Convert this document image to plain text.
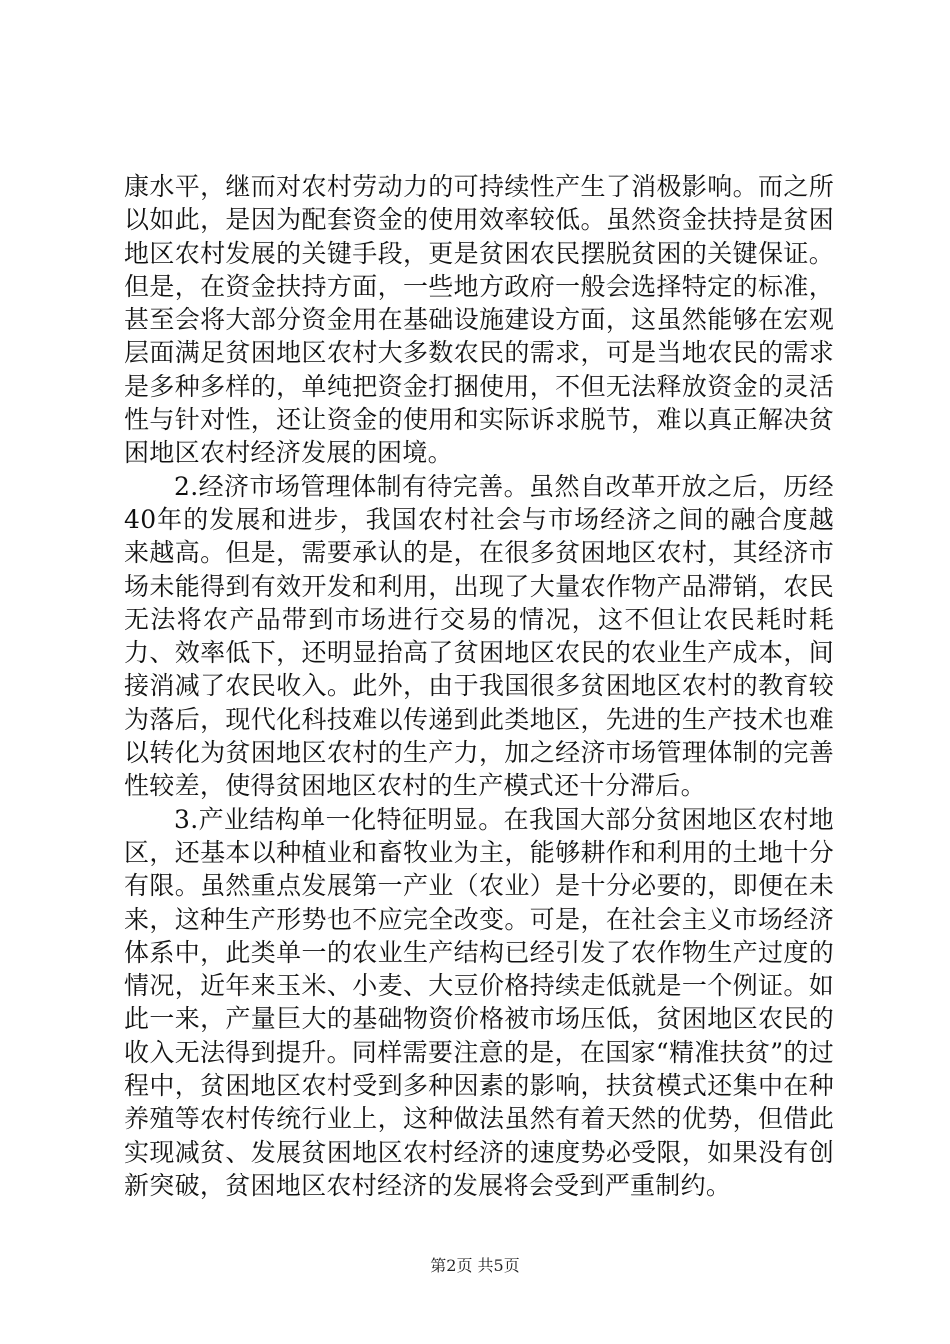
康水平，继而对农村劳动力的可持续性产生了消极影响。而之所以如此，是因为配套资金的使用效率较低。虽然资金扶持是贫困地区农村发展的关键手段，更是贫困农民摆脱贫困的关键保证。但是，在资金扶持方面，一些地方政府一般会选择特定的标准，甚至会将大部分资金用在基础设施建设方面，这虽然能够在宏观层面满足贫困地区农村大多数农民的需求，可是当地农民的需求是多种多样的，单纯把资金打捆使用，不但无法释放资金的灵活性与针对性，还让资金的使用和实际诉求脱节，难以真正解决贫困地区农村经济发展的困境。

2.经济市场管理体制有待完善。虽然自改革开放之后，历经40年的发展和进步，我国农村社会与市场经济之间的融合度越来越高。但是，需要承认的是，在很多贫困地区农村，其经济市场未能得到有效开发和利用，出现了大量农作物产品滞销，农民无法将农产品带到市场进行交易的情况，这不但让农民耗时耗力、效率低下，还明显抬高了贫困地区农民的农业生产成本，间接消减了农民收入。此外，由于我国很多贫困地区农村的教育较为落后，现代化科技难以传递到此类地区，先进的生产技术也难以转化为贫困地区农村的生产力，加之经济市场管理体制的完善性较差，使得贫困地区农村的生产模式还十分滞后。

3.产业结构单一化特征明显。在我国大部分贫困地区农村地区，还基本以种植业和畜牧业为主，能够耕作和利用的土地十分有限。虽然重点发展第一产业（农业）是十分必要的，即便在未来，这种生产形势也不应完全改变。可是，在社会主义市场经济体系中，此类单一的农业生产结构已经引发了农作物生产过度的情况，近年来玉米、小麦、大豆价格持续走低就是一个例证。如此一来，产量巨大的基础物资价格被市场压低，贫困地区农民的收入无法得到提升。同样需要注意的是，在国家“精准扶贫”的过程中，贫困地区农村受到多种因素的影响，扶贫模式还集中在种养殖等农村传统行业上，这种做法虽然有着天然的优势，但借此实现减贫、发展贫困地区农村经济的速度势必受限，如果没有创新突破，贫困地区农村经济的发展将会受到严重制约。

第2页 共5页
